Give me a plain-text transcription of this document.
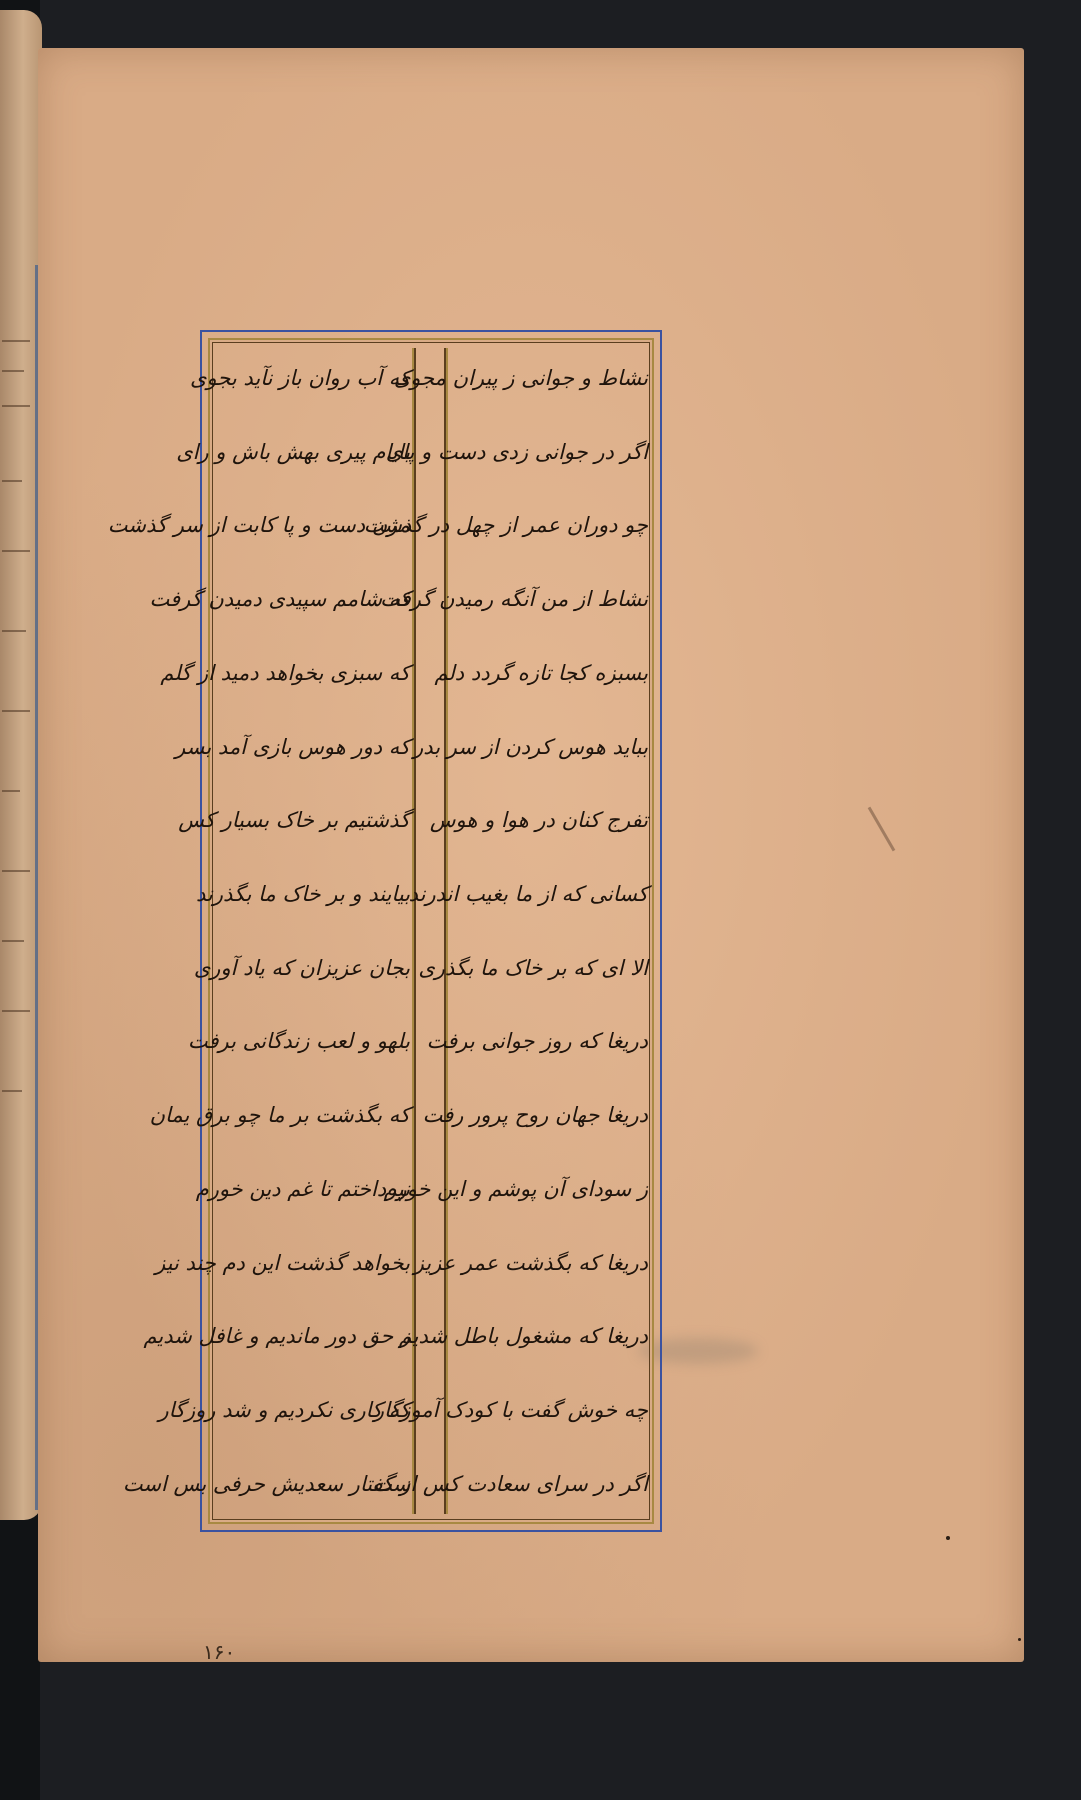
نشاط و جوانی ز پیران مجوی
اگر در جوانی زدی دست و پای
چو دوران عمر از چهل در گذشت
نشاط از من آنگه رمیدن گرفت
بسبزه کجا تازه گردد دلم
بباید هوس کردن از سر بدر
تفرج کنان در هوا و هوس
کسانی که از ما بغیب اندرند
الا ای که بر خاک ما بگذری
دریغا که روز جوانی برفت
دریغا جهان روح پرور رفت
ز سودای آن پوشم و این خورم
دریغا که بگذشت عمر عزیز
دریغا که مشغول باطل شدیم
چه خوش گفت با کودک آموزگار
اگر در سرای سعادت کس است
که آب روان باز نآید بجوی
بایام پیری بهش باش و رای
مزن دست و پا کابت از سر گذشت
که شامم سپیدی دمیدن گرفت
که سبزی بخواهد دمید از گلم
که دور هوس بازی آمد بسر
گذشتیم بر خاک بسیار کس
بیایند و بر خاک ما بگذرند
بجان عزیزان که یاد آوری
بلهو و لعب زندگانی برفت
که بگذشت بر ما چو برق یمان
نپرداختم تا غم دین خورم
بخواهد گذشت این دم چند نیز
ز حق دور ماندیم و غافل شدیم
که کاری نکردیم و شد روزگار
ز گفتار سعدیش حرفی بس است
۱۶۰
